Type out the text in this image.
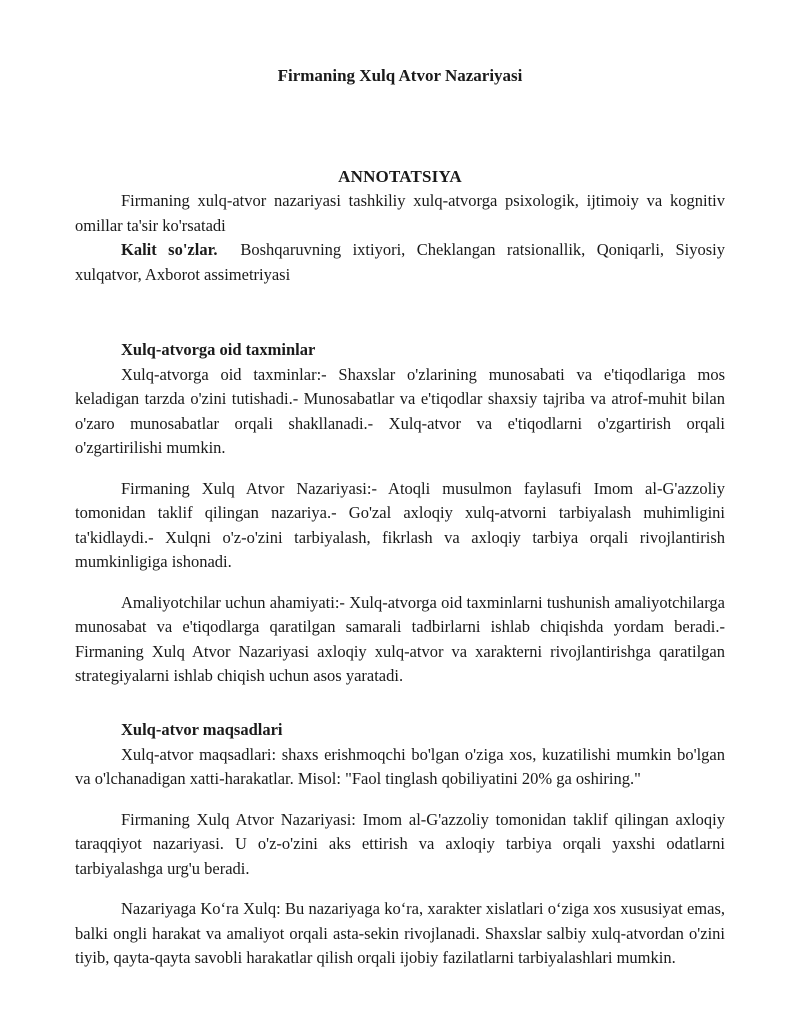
Firmaning Xulq Atvor Nazariyasi
ANNOTATSIYA

Firmaning xulq-atvor nazariyasi tashkiliy xulq-atvorga psixologik, ijtimoiy va kognitiv omillar ta'sir ko'rsatadi

Kalit so'zlar. Boshqaruvning ixtiyori, Cheklangan ratsionallik, Qoniqarli, Siyosiy xulqatvor, Axborot assimetriyasi

Xulq-atvorga oid taxminlar

Xulq-atvorga oid taxminlar:- Shaxslar o'zlarining munosabati va e'tiqodlariga mos keladigan tarzda o'zini tutishadi.- Munosabatlar va e'tiqodlar shaxsiy tajriba va atrof-muhit bilan o'zaro munosabatlar orqali shakllanadi.- Xulq-atvor va e'tiqodlarni o'zgartirish orqali o'zgartirilishi mumkin.

Firmaning Xulq Atvor Nazariyasi:- Atoqli musulmon faylasufi Imom al-G'azzoliy tomonidan taklif qilingan nazariya.- Go'zal axloqiy xulq-atvorni tarbiyalash muhimligini ta'kidlaydi.- Xulqni o'z-o'zini tarbiyalash, fikrlash va axloqiy tarbiya orqali rivojlantirish mumkinligiga ishonadi.

Amaliyotchilar uchun ahamiyati:- Xulq-atvorga oid taxminlarni tushunish amaliyotchilarga munosabat va e'tiqodlarga qaratilgan samarali tadbirlarni ishlab chiqishda yordam beradi.- Firmaning Xulq Atvor Nazariyasi axloqiy xulq-atvor va xarakterni rivojlantirishga qaratilgan strategiyalarni ishlab chiqish uchun asos yaratadi.

Xulq-atvor maqsadlari

Xulq-atvor maqsadlari: shaxs erishmoqchi bo'lgan o'ziga xos, kuzatilishi mumkin bo'lgan va o'lchanadigan xatti-harakatlar. Misol: "Faol tinglash qobiliyatini 20% ga oshiring."

Firmaning Xulq Atvor Nazariyasi: Imom al-G'azzoliy tomonidan taklif qilingan axloqiy taraqqiyot nazariyasi. U o'z-o'zini aks ettirish va axloqiy tarbiya orqali yaxshi odatlarni tarbiyalashga urg'u beradi.

Nazariyaga Ko‘ra Xulq: Bu nazariyaga ko‘ra, xarakter xislatlari o‘ziga xos xususiyat emas, balki ongli harakat va amaliyot orqali asta-sekin rivojlanadi. Shaxslar salbiy xulq-atvordan o'zini tiyib, qayta-qayta savobli harakatlar qilish orqali ijobiy fazilatlarni tarbiyalashlari mumkin.
